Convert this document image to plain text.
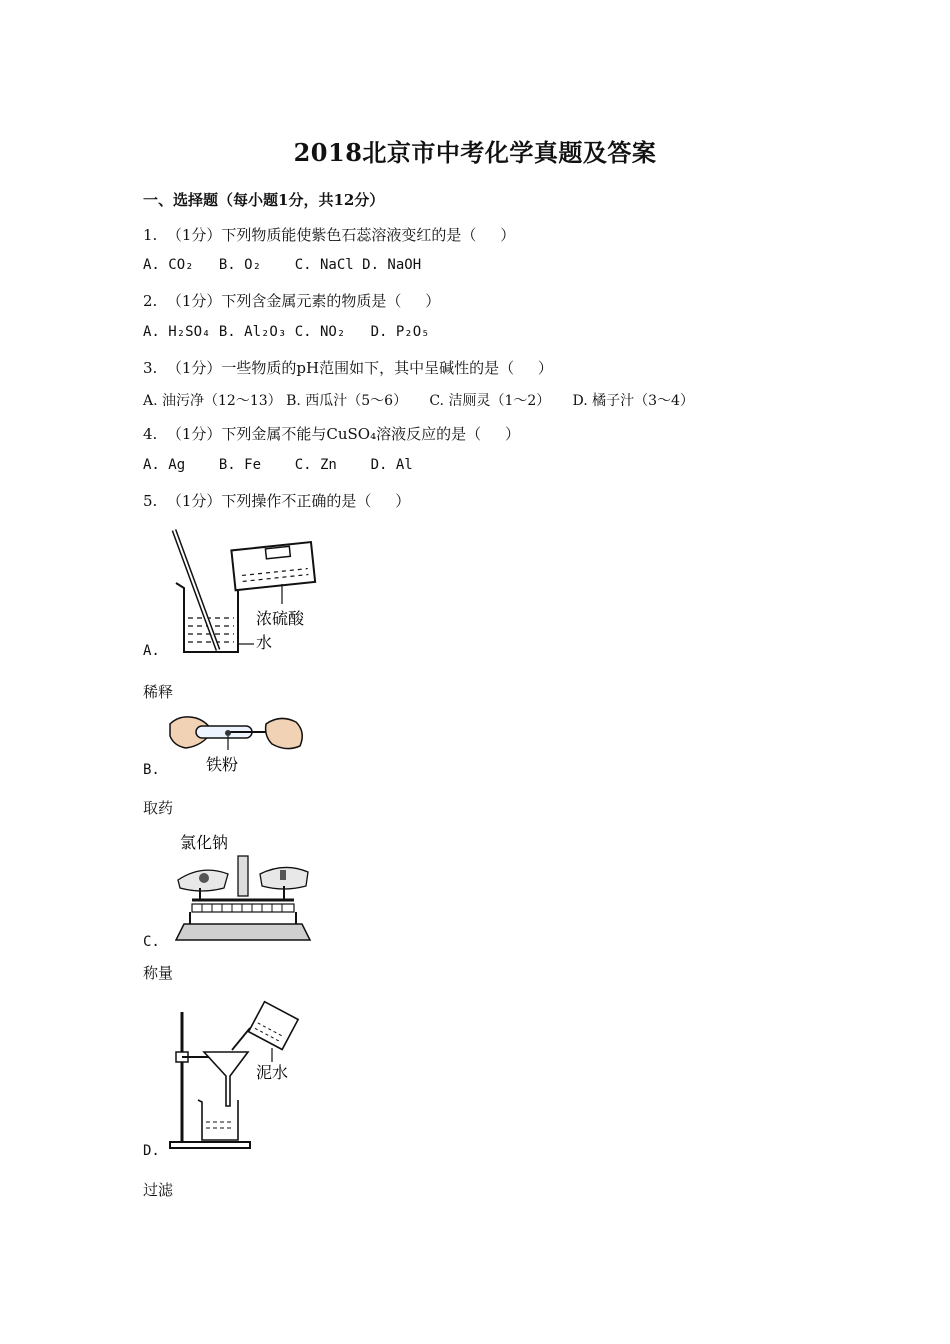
2018北京市中考化学真题及答案
一、选择题（每小题1分，共12分）
1.  （1分）下列物质能使紫色石蕊溶液变红的是（     ）
A. CO₂   B. O₂    C. NaCl D. NaOH
2.  （1分）下列含金属元素的物质是（     ）
A. H₂SO₄ B. Al₂O₃ C. NO₂   D. P₂O₅
3.  （1分）一些物质的pH范围如下，其中呈碱性的是（     ）
A. 油污净（12～13） B. 西瓜汁（5～6）     C. 洁厕灵（1～2）     D. 橘子汁（3～4）
4.  （1分）下列金属不能与CuSO₄溶液反应的是（     ）
A. Ag    B. Fe    C. Zn    D. Al
5.  （1分）下列操作不正确的是（     ）
浓硫酸
水
A.
稀释
铁粉
B.
取药
氯化钠
C.
称量
泥水
D.
过滤
